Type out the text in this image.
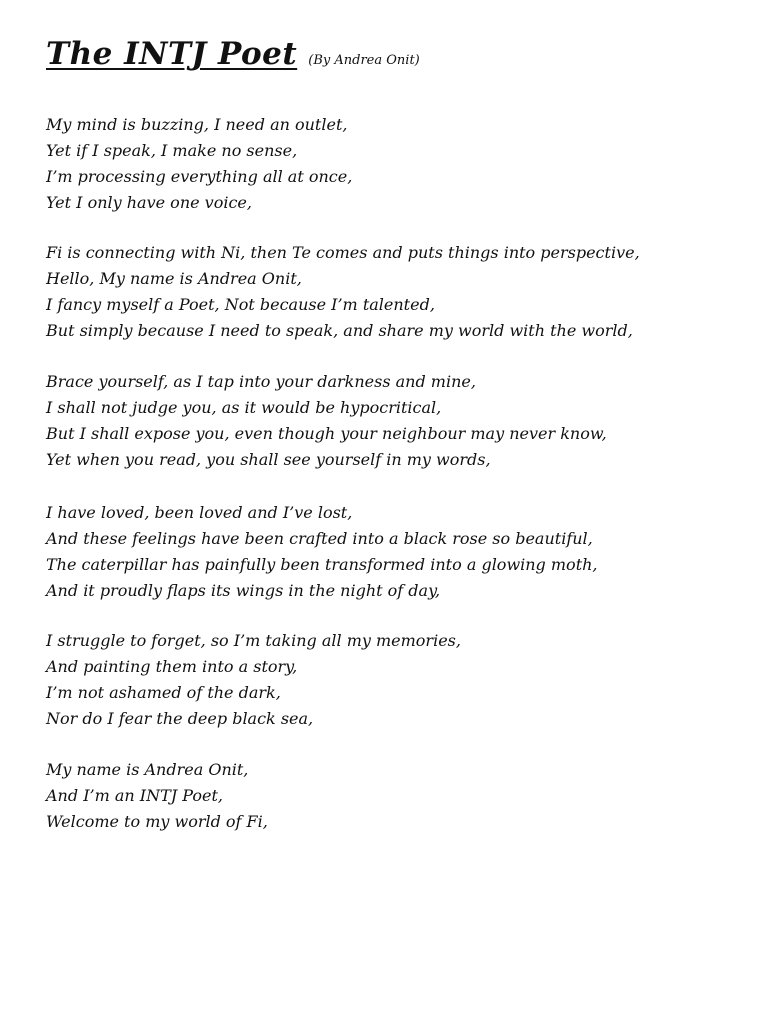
The INTJ Poet (By Andrea Onit)
My mind is buzzing, I need an outlet,
Yet if I speak, I make no sense,
I’m processing everything all at once,
Yet I only have one voice,
Fi is connecting with Ni, then Te comes and puts things into perspective,
Hello, My name is Andrea Onit,
I fancy myself a Poet, Not because I’m talented,
But simply because I need to speak, and share my world with the world,
Brace yourself, as I tap into your darkness and mine,
I shall not judge you, as it would be hypocritical,
But I shall expose you, even though your neighbour may never know,
Yet when you read, you shall see yourself in my words,
I have loved, been loved and I’ve lost,
And these feelings have been crafted into a black rose so beautiful,
The caterpillar has painfully been transformed into a glowing moth,
And it proudly flaps its wings in the night of day,
I struggle to forget, so I’m taking all my memories,
And painting them into a story,
I’m not ashamed of the dark,
Nor do I fear the deep black sea,
My name is Andrea Onit,
And I’m an INTJ Poet,
Welcome to my world of Fi,
